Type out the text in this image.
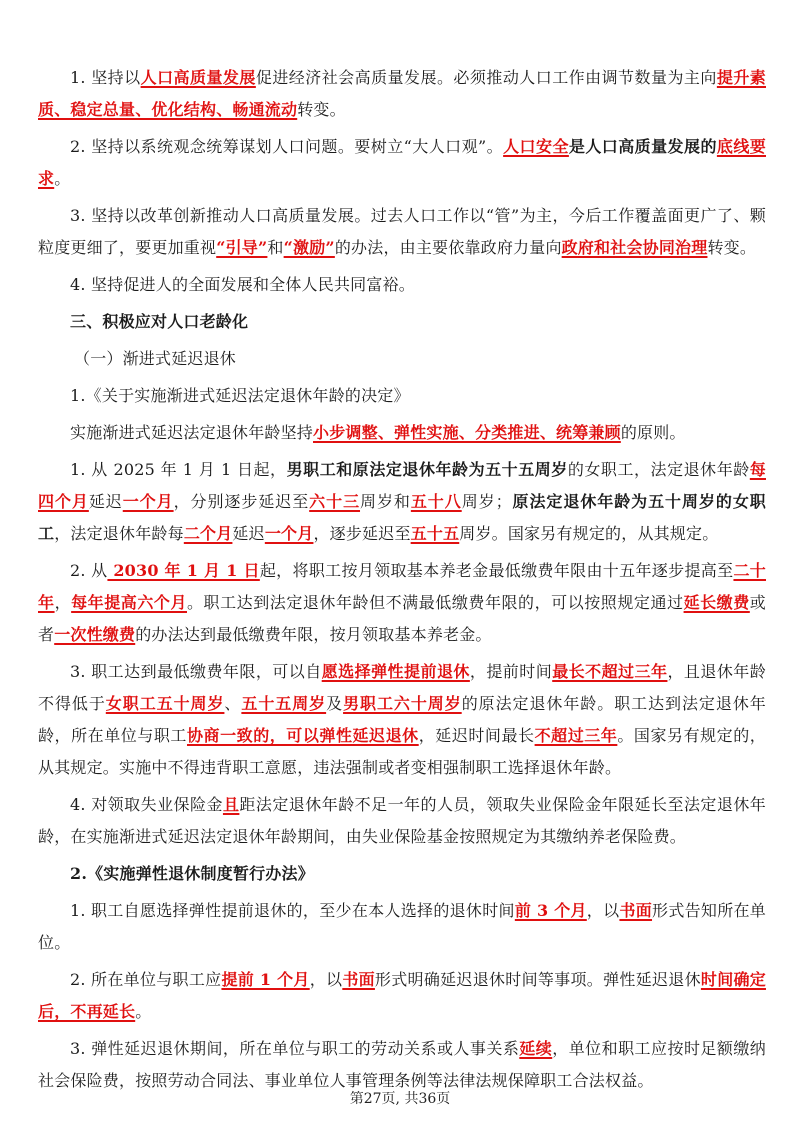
1. 坚持以人口高质量发展促进经济社会高质量发展。必须推动人口工作由调节数量为主向提升素质、稳定总量、优化结构、畅通流动转变。

2. 坚持以系统观念统筹谋划人口问题。要树立“大人口观”。人口安全是人口高质量发展的底线要求。

3. 坚持以改革创新推动人口高质量发展。过去人口工作以“管”为主，今后工作覆盖面更广了、颗粒度更细了，要更加重视“引导”和“激励”的办法，由主要依靠政府力量向政府和社会协同治理转变。

4. 坚持促进人的全面发展和全体人民共同富裕。

三、积极应对人口老龄化

（一）渐进式延迟退休

1.《关于实施渐进式延迟法定退休年龄的决定》

实施渐进式延迟法定退休年龄坚持小步调整、弹性实施、分类推进、统筹兼顾的原则。

1. 从 2025 年 1 月 1 日起，男职工和原法定退休年龄为五十五周岁的女职工，法定退休年龄每四个月延迟一个月，分别逐步延迟至六十三周岁和五十八周岁；原法定退休年龄为五十周岁的女职工，法定退休年龄每二个月延迟一个月，逐步延迟至五十五周岁。国家另有规定的，从其规定。

2. 从 2030 年 1 月 1 日起，将职工按月领取基本养老金最低缴费年限由十五年逐步提高至二十年，每年提高六个月。职工达到法定退休年龄但不满最低缴费年限的，可以按照规定通过延长缴费或者一次性缴费的办法达到最低缴费年限，按月领取基本养老金。

3. 职工达到最低缴费年限，可以自愿选择弹性提前退休，提前时间最长不超过三年，且退休年龄不得低于女职工五十周岁、五十五周岁及男职工六十周岁的原法定退休年龄。职工达到法定退休年龄，所在单位与职工协商一致的，可以弹性延迟退休，延迟时间最长不超过三年。国家另有规定的，从其规定。实施中不得违背职工意愿，违法强制或者变相强制职工选择退休年龄。

4. 对领取失业保险金且距法定退休年龄不足一年的人员，领取失业保险金年限延长至法定退休年龄，在实施渐进式延迟法定退休年龄期间，由失业保险基金按照规定为其缴纳养老保险费。

2.《实施弹性退休制度暂行办法》

1. 职工自愿选择弹性提前退休的，至少在本人选择的退休时间前 3 个月，以书面形式告知所在单位。

2. 所在单位与职工应提前 1 个月，以书面形式明确延迟退休时间等事项。弹性延迟退休时间确定后，不再延长。

3. 弹性延迟退休期间，所在单位与职工的劳动关系或人事关系延续，单位和职工应按时足额缴纳社会保险费，按照劳动合同法、事业单位人事管理条例等法律法规保障职工合法权益。

第27页, 共36页
